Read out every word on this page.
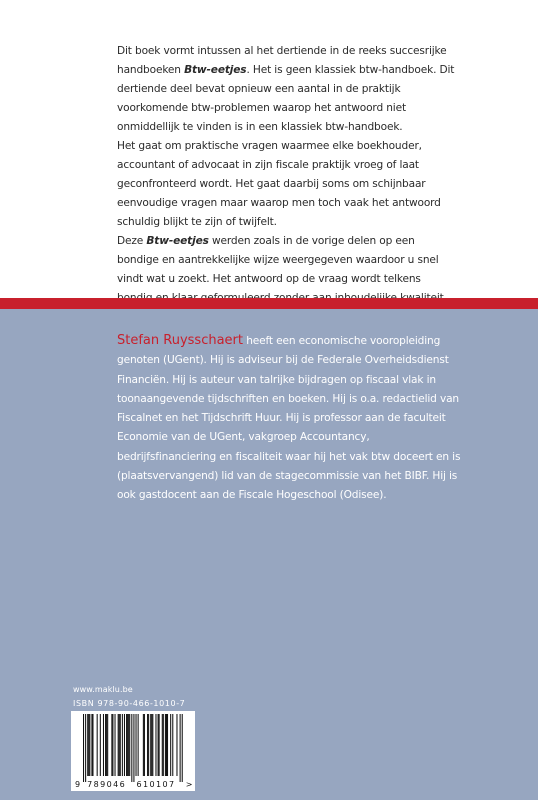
Dit boek vormt intussen al het dertiende in de reeks succesrijke handboeken Btw-eetjes. Het is geen klassiek btw-handboek. Dit dertiende deel bevat opnieuw een aantal in de praktijk voorkomende btw-problemen waarop het antwoord niet onmiddellijk te vinden is in een klassiek btw-handboek.

Het gaat om praktische vragen waarmee elke boekhouder, accountant of advocaat in zijn fiscale praktijk vroeg of laat geconfronteerd wordt. Het gaat daarbij soms om schijnbaar eenvoudige vragen maar waarop men toch vaak het antwoord schuldig blijkt te zijn of twijfelt.

Deze Btw-eetjes werden zoals in de vorige delen op een bondige en aantrekkelijke wijze weergegeven waardoor u snel vindt wat u zoekt. Het antwoord op de vraag wordt telkens

Stefan Ruysschaert heeft een economische vooropleiding genoten (UGent). Hij is adviseur bij de Federale Overheidsdienst Financiën. Hij is auteur van talrijke bijdragen op fiscaal vlak in toonaangevende tijdschriften en boeken. Hij is o.a. redactielid van Fiscalnet en het Tijdschrift Huur. Hij is professor aan de faculteit Economie van de UGent, vakgroep Accountancy, bedrijfsfinanciering en fiscaliteit waar hij het vak btw doceert en is (plaatsvervangend) lid van de stagecommissie van het BIBF. Hij is ook gastdocent aan de Fiscale Hogeschool (Odisee).
www.maklu.be
ISBN 978-90-466-1010-7
9 789046 610107 >
